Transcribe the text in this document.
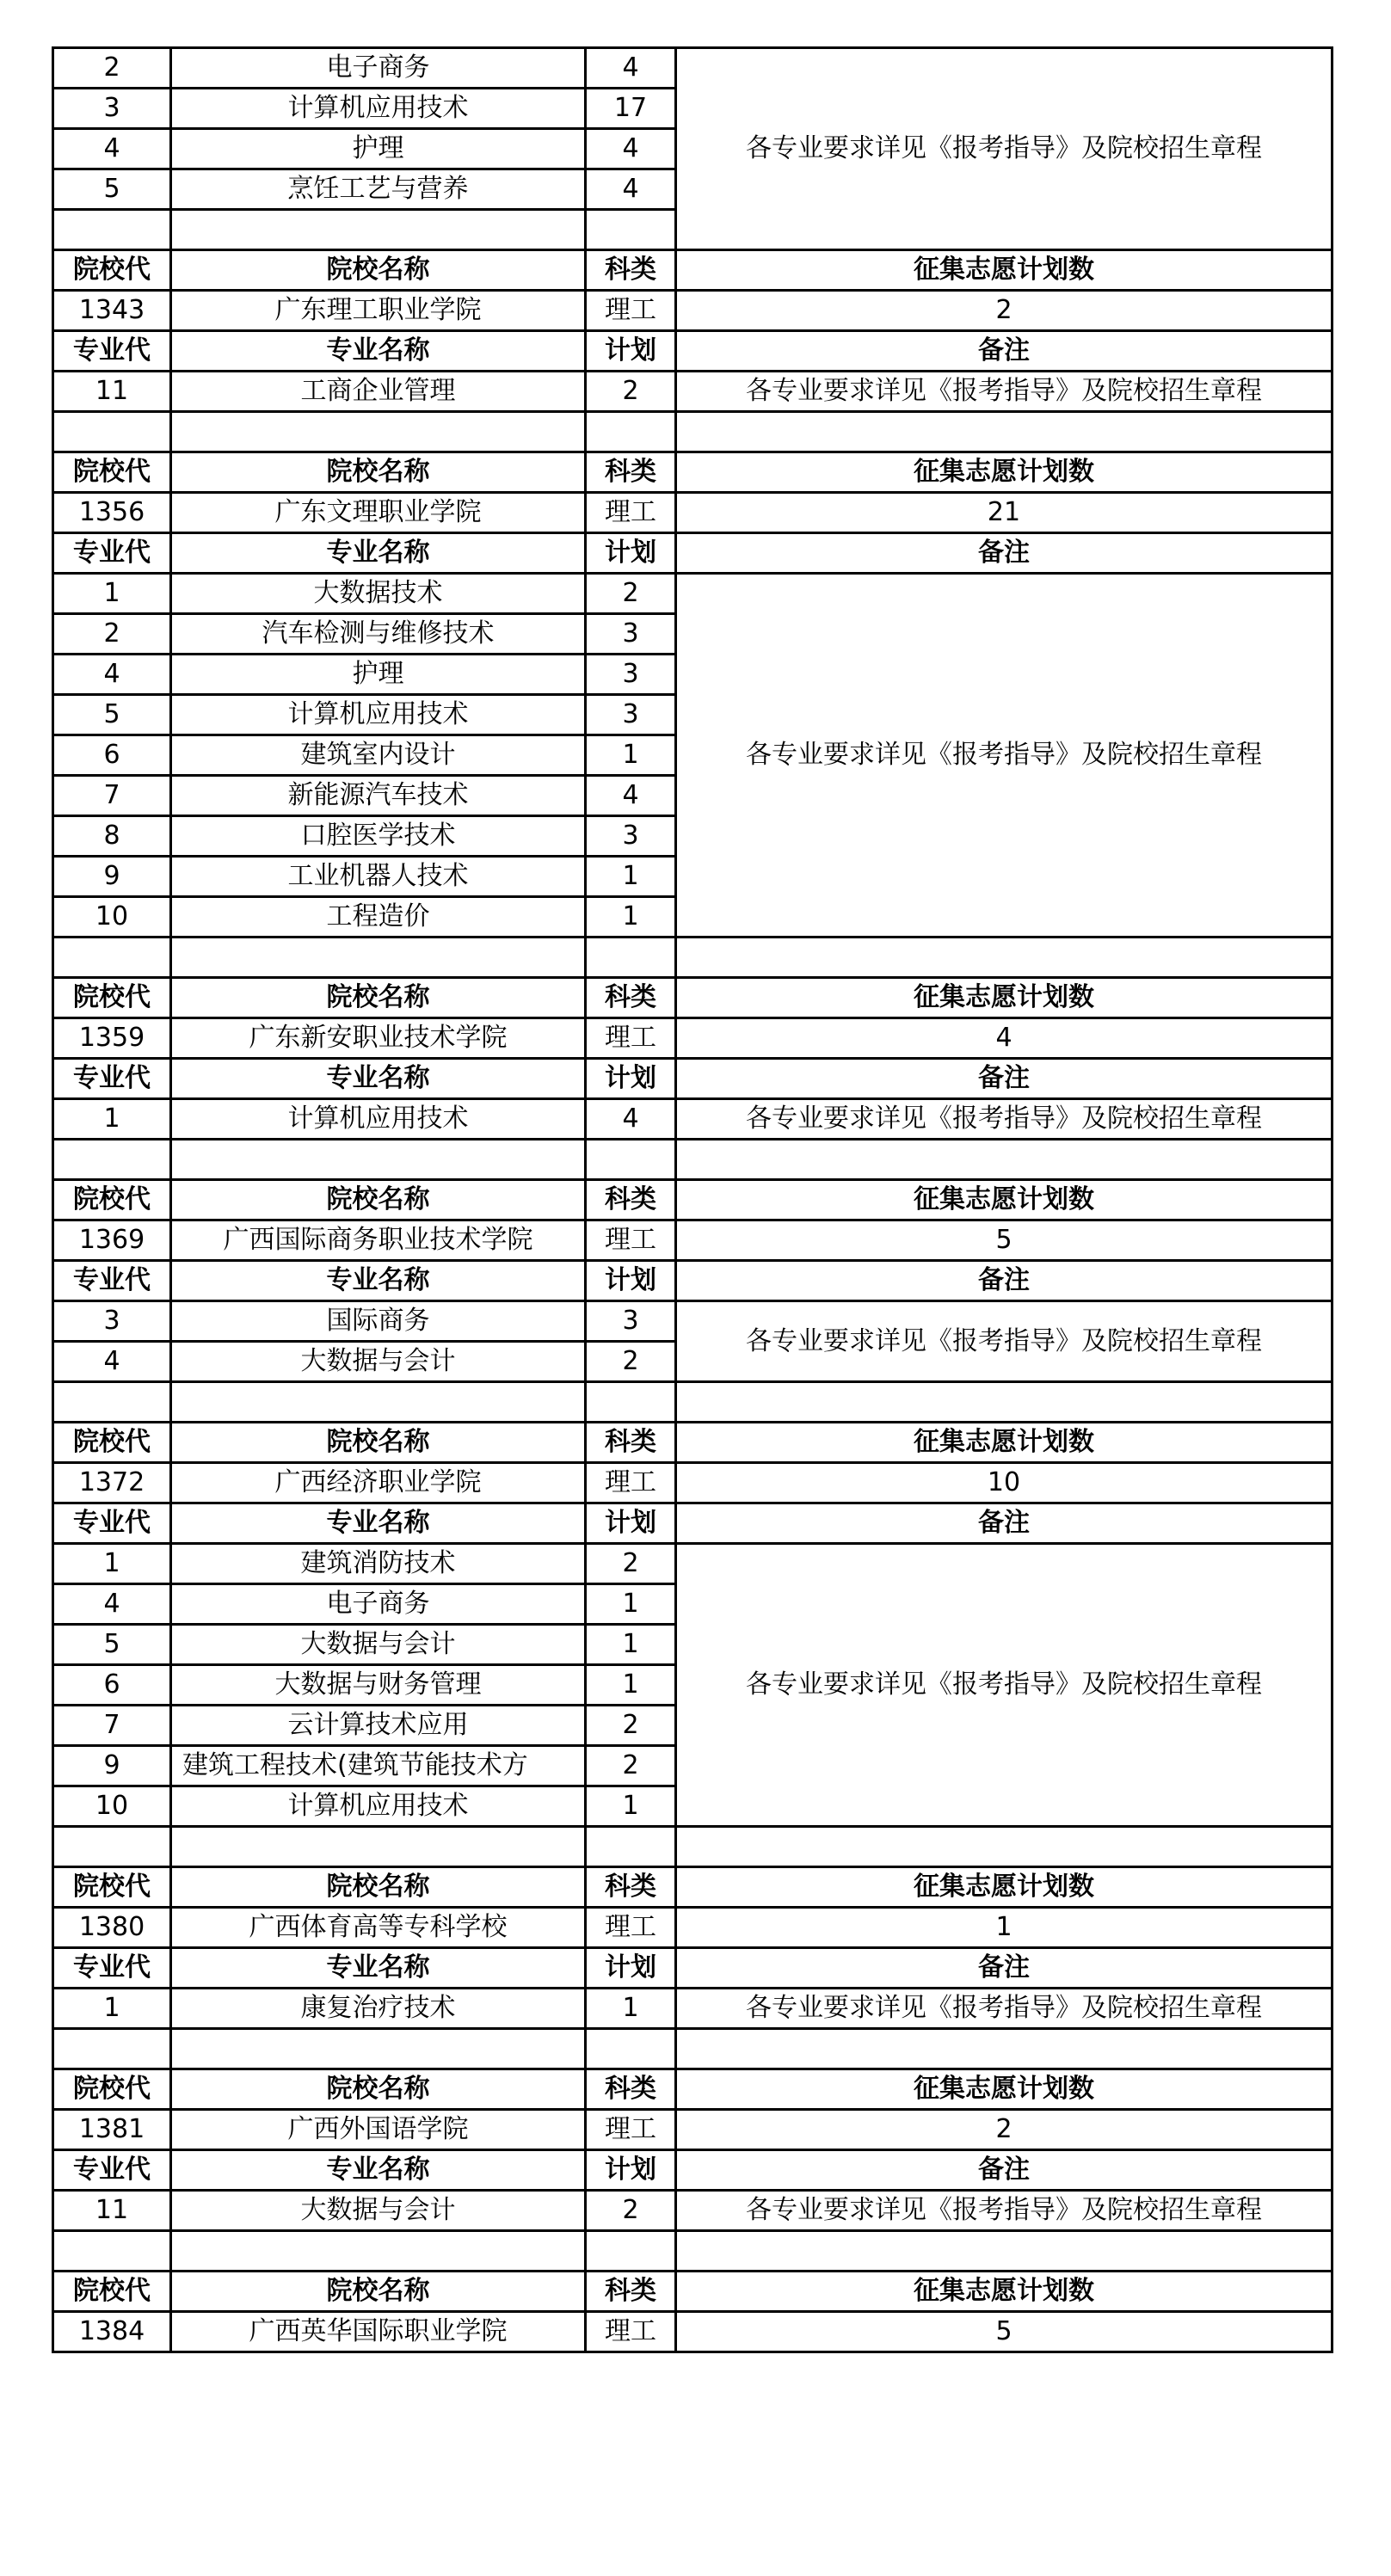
2	电子商务	4	各专业要求详见《报考指导》及院校招生章程
3	计算机应用技术	17	
4	护理	4	
5	烹饪工艺与营养	4	

院校代	院校名称	科类	征集志愿计划数
1343	广东理工职业学院	理工	2
专业代	专业名称	计划	备注
11	工商企业管理	2	各专业要求详见《报考指导》及院校招生章程

院校代	院校名称	科类	征集志愿计划数
1356	广东文理职业学院	理工	21
专业代	专业名称	计划	备注
1	大数据技术	2	各专业要求详见《报考指导》及院校招生章程
2	汽车检测与维修技术	3	
4	护理	3	
5	计算机应用技术	3	
6	建筑室内设计	1	
7	新能源汽车技术	4	
8	口腔医学技术	3	
9	工业机器人技术	1	
10	工程造价	1	

院校代	院校名称	科类	征集志愿计划数
1359	广东新安职业技术学院	理工	4
专业代	专业名称	计划	备注
1	计算机应用技术	4	各专业要求详见《报考指导》及院校招生章程

院校代	院校名称	科类	征集志愿计划数
1369	广西国际商务职业技术学院	理工	5
专业代	专业名称	计划	备注
3	国际商务	3	各专业要求详见《报考指导》及院校招生章程
4	大数据与会计	2	

院校代	院校名称	科类	征集志愿计划数
1372	广西经济职业学院	理工	10
专业代	专业名称	计划	备注
1	建筑消防技术	2	各专业要求详见《报考指导》及院校招生章程
4	电子商务	1	
5	大数据与会计	1	
6	大数据与财务管理	1	
7	云计算技术应用	2	
9	建筑工程技术(建筑节能技术方	2	
10	计算机应用技术	1	

院校代	院校名称	科类	征集志愿计划数
1380	广西体育高等专科学校	理工	1
专业代	专业名称	计划	备注
1	康复治疗技术	1	各专业要求详见《报考指导》及院校招生章程

院校代	院校名称	科类	征集志愿计划数
1381	广西外国语学院	理工	2
专业代	专业名称	计划	备注
11	大数据与会计	2	各专业要求详见《报考指导》及院校招生章程

院校代	院校名称	科类	征集志愿计划数
1384	广西英华国际职业学院	理工	5
